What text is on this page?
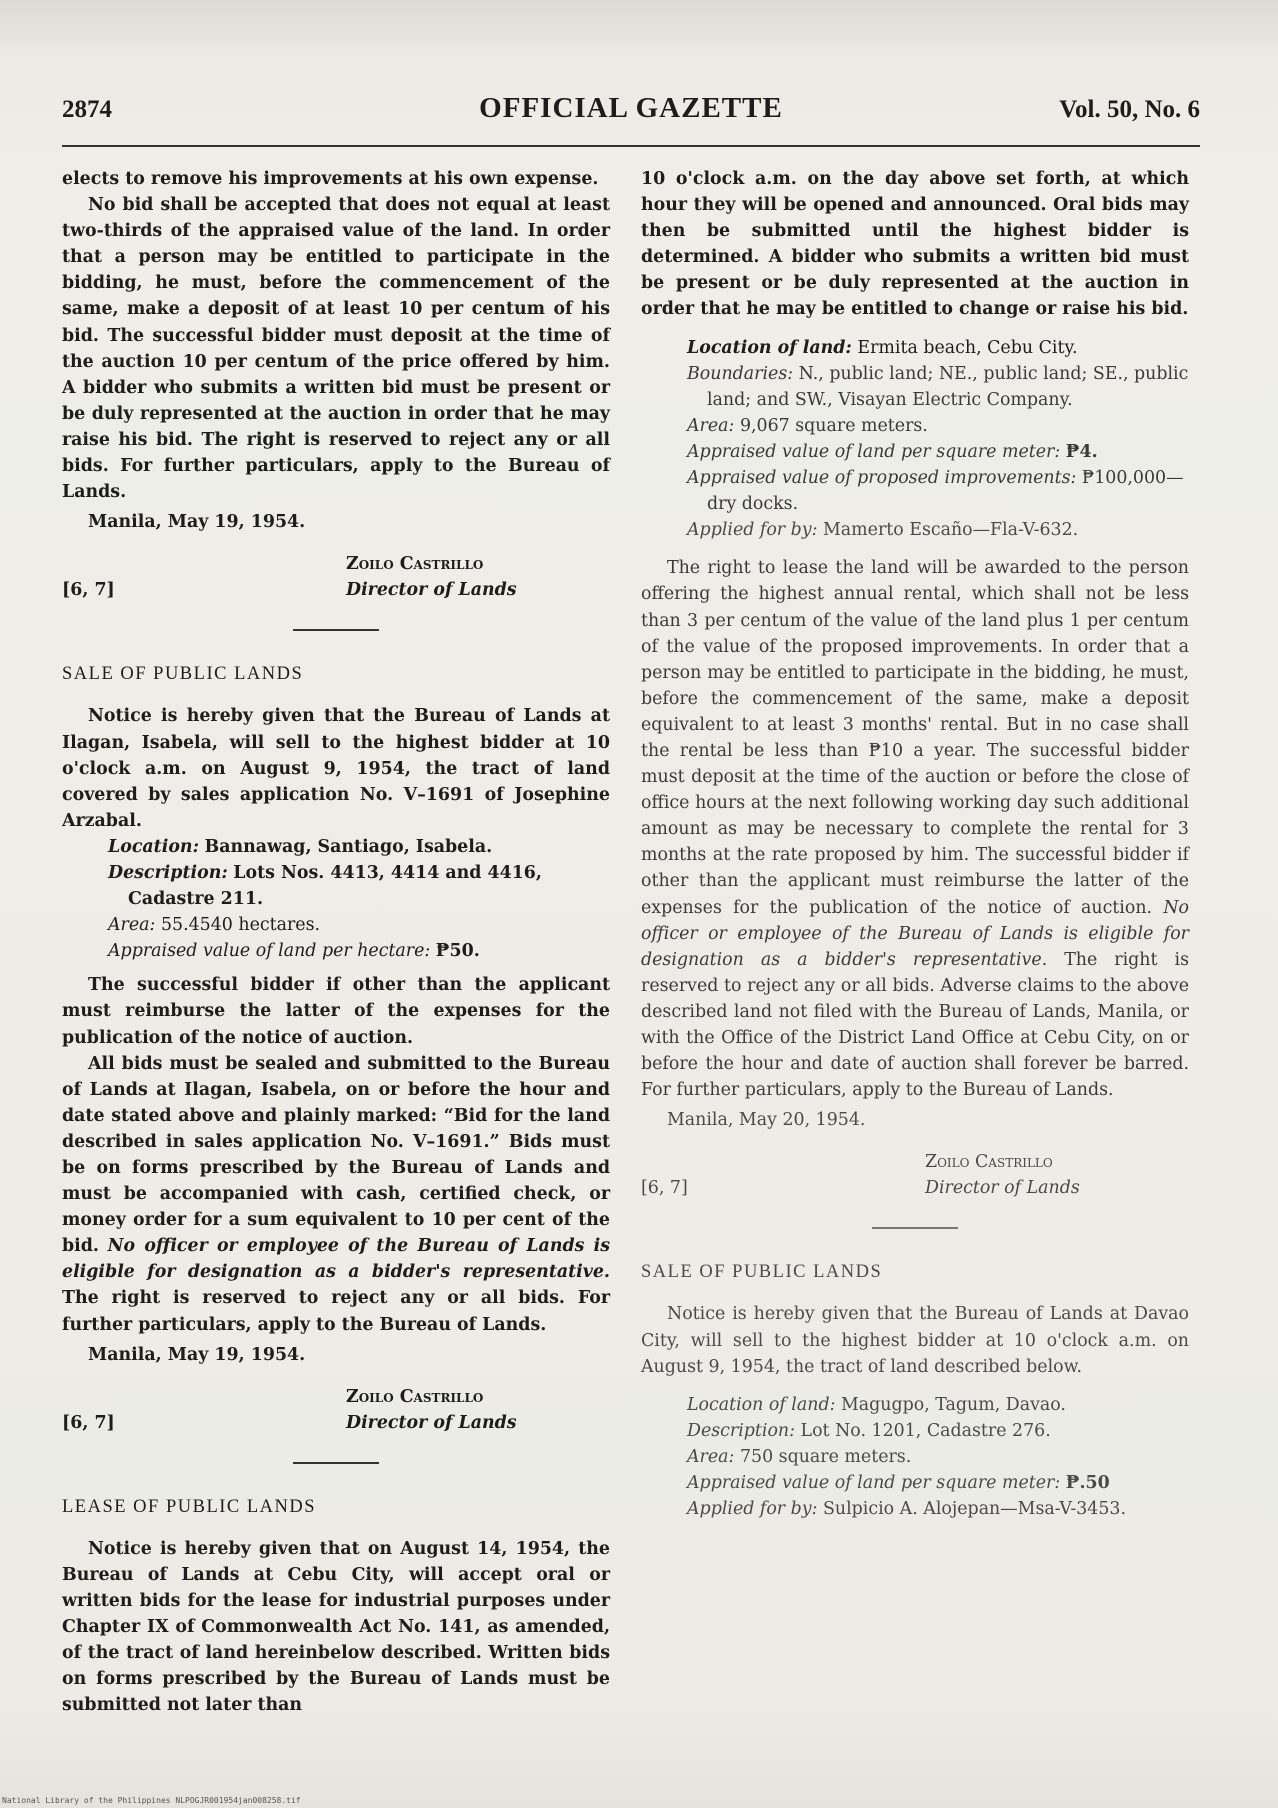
2874	OFFICIAL GAZETTE	Vol. 50, No. 6

elects to remove his improvements at his own expense.

No bid shall be accepted that does not equal at least two-thirds of the appraised value of the land. In order that a person may be entitled to participate in the bidding, he must, before the commencement of the same, make a deposit of at least 10 per centum of his bid. The successful bidder must deposit at the time of the auction 10 per centum of the price offered by him. A bidder who submits a written bid must be present or be duly represented at the auction in order that he may raise his bid. The right is reserved to reject any or all bids. For further particulars, apply to the Bureau of Lands.

Manila, May 19, 1954.

[6, 7]
Zoilo Castrillo
Director of Lands

SALE OF PUBLIC LANDS

Notice is hereby given that the Bureau of Lands at Ilagan, Isabela, will sell to the highest bidder at 10 o'clock a.m. on August 9, 1954, the tract of land covered by sales application No. V–1691 of Josephine Arzabal.

Location: Bannawag, Santiago, Isabela.

Description: Lots Nos. 4413, 4414 and 4416, Cadastre 211.

Area: 55.4540 hectares.

Appraised value of land per hectare: ₱50.

The successful bidder if other than the applicant must reimburse the latter of the expenses for the publication of the notice of auction.

All bids must be sealed and submitted to the Bureau of Lands at Ilagan, Isabela, on or before the hour and date stated above and plainly marked: “Bid for the land described in sales application No. V–1691.” Bids must be on forms prescribed by the Bureau of Lands and must be accompanied with cash, certified check, or money order for a sum equivalent to 10 per cent of the bid. No officer or employee of the Bureau of Lands is eligible for designation as a bidder's representative. The right is reserved to reject any or all bids. For further particulars, apply to the Bureau of Lands.

Manila, May 19, 1954.

[6, 7]
Zoilo Castrillo
Director of Lands

LEASE OF PUBLIC LANDS

Notice is hereby given that on August 14, 1954, the Bureau of Lands at Cebu City, will accept oral or written bids for the lease for industrial purposes under Chapter IX of Commonwealth Act No. 141, as amended, of the tract of land hereinbelow described. Written bids on forms prescribed by the Bureau of Lands must be submitted not later than

10 o'clock a.m. on the day above set forth, at which hour they will be opened and announced. Oral bids may then be submitted until the highest bidder is determined. A bidder who submits a written bid must be present or be duly represented at the auction in order that he may be entitled to change or raise his bid.

Location of land: Ermita beach, Cebu City.

Boundaries: N., public land; NE., public land; SE., public land; and SW., Visayan Electric Company.

Area: 9,067 square meters.

Appraised value of land per square meter: ₱4.

Appraised value of proposed improvements: ₱100,000—dry docks.

Applied for by: Mamerto Escaño—Fla-V-632.

The right to lease the land will be awarded to the person offering the highest annual rental, which shall not be less than 3 per centum of the value of the land plus 1 per centum of the value of the proposed improvements. In order that a person may be entitled to participate in the bidding, he must, before the commencement of the same, make a deposit equivalent to at least 3 months' rental. But in no case shall the rental be less than ₱10 a year. The successful bidder must deposit at the time of the auction or before the close of office hours at the next following working day such additional amount as may be necessary to complete the rental for 3 months at the rate proposed by him. The successful bidder if other than the applicant must reimburse the latter of the expenses for the publication of the notice of auction. No officer or employee of the Bureau of Lands is eligible for designation as a bidder's representative. The right is reserved to reject any or all bids. Adverse claims to the above described land not filed with the Bureau of Lands, Manila, or with the Office of the District Land Office at Cebu City, on or before the hour and date of auction shall forever be barred. For further particulars, apply to the Bureau of Lands.

Manila, May 20, 1954.

[6, 7]
Zoilo Castrillo
Director of Lands

SALE OF PUBLIC LANDS

Notice is hereby given that the Bureau of Lands at Davao City, will sell to the highest bidder at 10 o'clock a.m. on August 9, 1954, the tract of land described below.

Location of land: Magugpo, Tagum, Davao.

Description: Lot No. 1201, Cadastre 276.

Area: 750 square meters.

Appraised value of land per square meter: ₱.50

Applied for by: Sulpicio A. Alojepan—Msa-V-3453.

National Library of the Philippines NLPOGJR001954jan008258.tif
